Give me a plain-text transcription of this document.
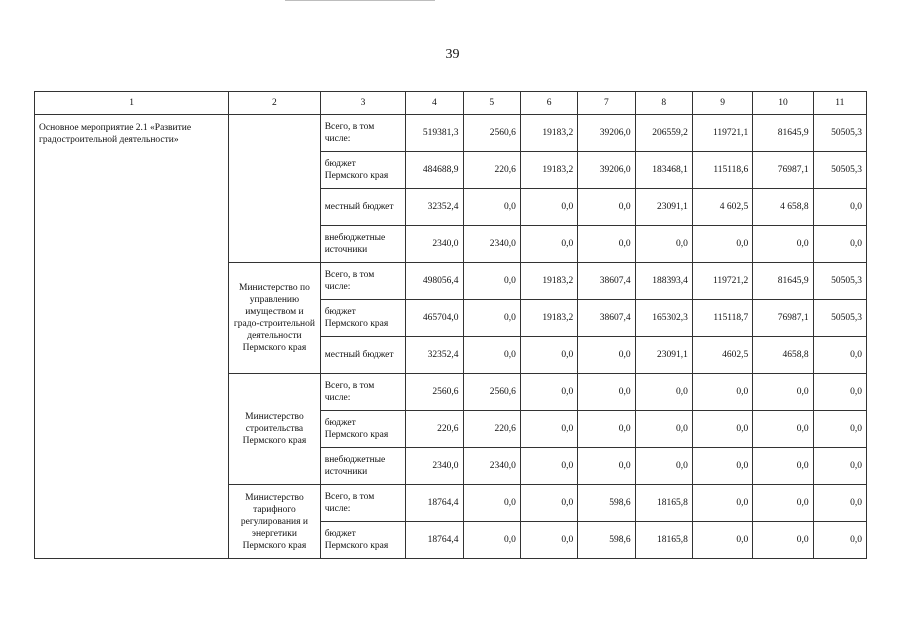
39
1	2	3	4	5	6	7	8	9	10	11
Основное мероприятие 2.1 «Развитие градостроительной деятельности»		Всего, в том числе:	519381,3	2560,6	19183,2	39206,0	206559,2	119721,1	81645,9	50505,3
		бюджет Пермского края	484688,9	220,6	19183,2	39206,0	183468,1	115118,6	76987,1	50505,3
		местный бюджет	32352,4	0,0	0,0	0,0	23091,1	4 602,5	4 658,8	0,0
		внебюджетные источники	2340,0	2340,0	0,0	0,0	0,0	0,0	0,0	0,0
	Министерство по управлению имуществом и градо-строительной деятельности Пермского края	Всего, в том числе:	498056,4	0,0	19183,2	38607,4	188393,4	119721,2	81645,9	50505,3
		бюджет Пермского края	465704,0	0,0	19183,2	38607,4	165302,3	115118,7	76987,1	50505,3
		местный бюджет	32352,4	0,0	0,0	0,0	23091,1	4602,5	4658,8	0,0
	Министерство строительства Пермского края	Всего, в том числе:	2560,6	2560,6	0,0	0,0	0,0	0,0	0,0	0,0
		бюджет Пермского края	220,6	220,6	0,0	0,0	0,0	0,0	0,0	0,0
		внебюджетные источники	2340,0	2340,0	0,0	0,0	0,0	0,0	0,0	0,0
	Министерство тарифного регулирования и энергетики Пермского края	Всего, в том числе:	18764,4	0,0	0,0	598,6	18165,8	0,0	0,0	0,0
		бюджет Пермского края	18764,4	0,0	0,0	598,6	18165,8	0,0	0,0	0,0
